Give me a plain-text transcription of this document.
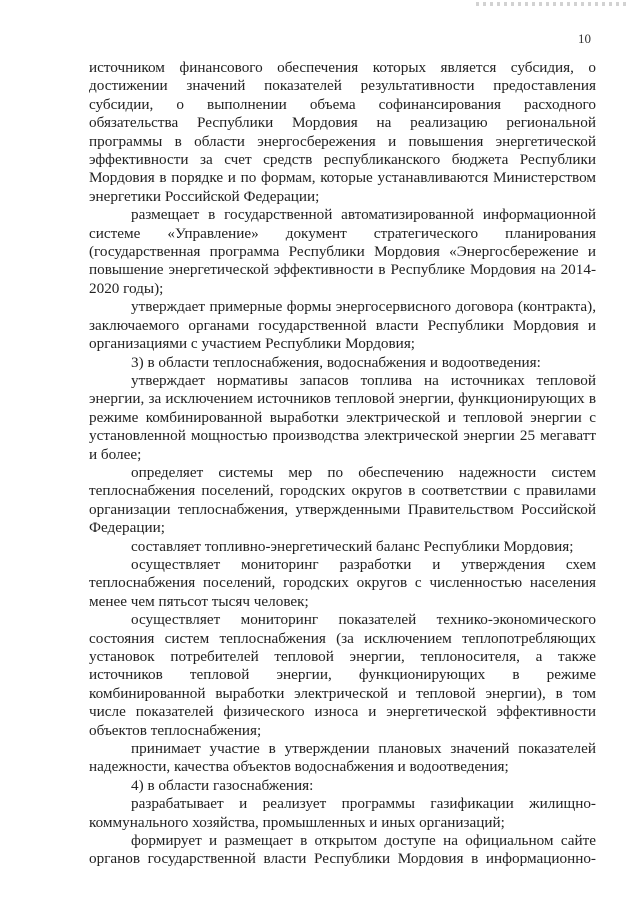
10

источником финансового обеспечения которых является субсидия, о
достижении значений показателей результативности предоставления
субсидии, о выполнении объема софинансирования расходного
обязательства Республики Мордовия на реализацию региональной
программы в области энергосбережения и повышения энергетической
эффективности за счет средств республиканского бюджета Республики
Мордовия в порядке и по формам, которые устанавливаются Министерством
энергетики Российской Федерации;
размещает в государственной автоматизированной информационной
системе «Управление» документ стратегического планирования
(государственная программа Республики Мордовия «Энергосбережение и
повышение энергетической эффективности в Республике Мордовия на 2014-
2020 годы);
утверждает примерные формы энергосервисного договора (контракта),
заключаемого органами государственной власти Республики Мордовия и
организациями с участием Республики Мордовия;
3) в области теплоснабжения, водоснабжения и водоотведения:
утверждает нормативы запасов топлива на источниках тепловой
энергии, за исключением источников тепловой энергии, функционирующих в
режиме комбинированной выработки электрической и тепловой энергии с
установленной мощностью производства электрической энергии 25 мегаватт
и более;
определяет системы мер по обеспечению надежности систем
теплоснабжения поселений, городских округов в соответствии с правилами
организации теплоснабжения, утвержденными Правительством Российской
Федерации;
составляет топливно-энергетический баланс Республики Мордовия;
осуществляет мониторинг разработки и утверждения схем
теплоснабжения поселений, городских округов с численностью населения
менее чем пятьсот тысяч человек;
осуществляет мониторинг показателей технико-экономического
состояния систем теплоснабжения (за исключением теплопотребляющих
установок потребителей тепловой энергии, теплоносителя, а также
источников тепловой энергии, функционирующих в режиме
комбинированной выработки электрической и тепловой энергии), в том
числе показателей физического износа и энергетической эффективности
объектов теплоснабжения;
принимает участие в утверждении плановых значений показателей
надежности, качества объектов водоснабжения и водоотведения;
4) в области газоснабжения:
разрабатывает и реализует программы газификации жилищно-
коммунального хозяйства, промышленных и иных организаций;
формирует и размещает в открытом доступе на официальном сайте
органов государственной власти Республики Мордовия в информационно-
